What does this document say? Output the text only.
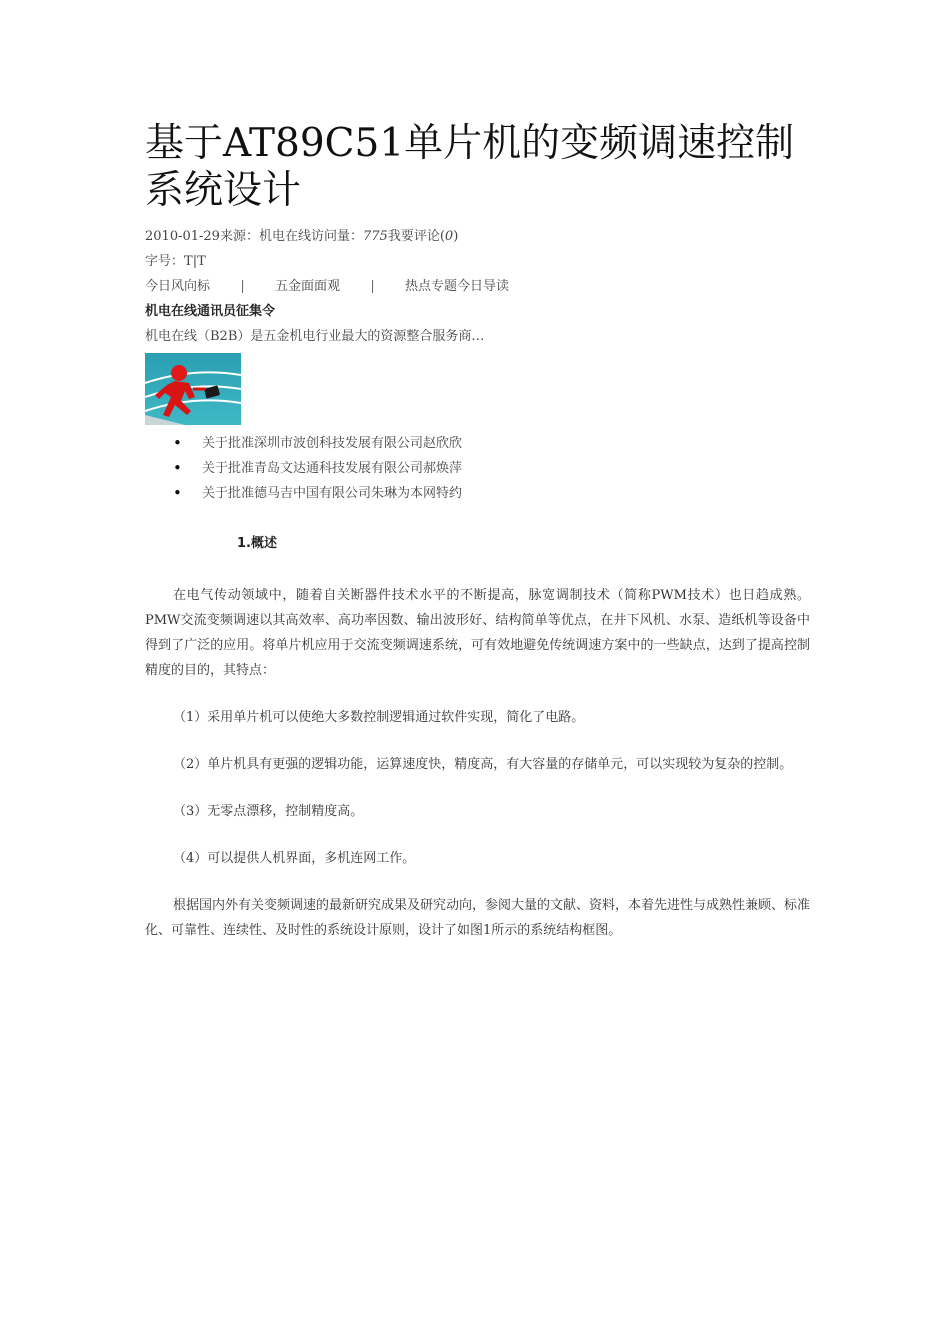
基于AT89C51单片机的变频调速控制系统设计
2010-01-29来源：机电在线访问量：775我要评论(0)
字号：T|T
今日风向标 | 五金面面观 | 热点专题今日导读
机电在线通讯员征集令
机电在线（B2B）是五金机电行业最大的资源整合服务商…
• 关于批准深圳市波创科技发展有限公司赵欣欣
• 关于批准青岛文达通科技发展有限公司郝焕萍
• 关于批准德马吉中国有限公司朱琳为本网特约
1.概述

在电气传动领域中，随着自关断器件技术水平的不断提高，脉宽调制技术（简称PWM技术）也日趋成熟。PMW交流变频调速以其高效率、高功率因数、输出波形好、结构简单等优点，在井下风机、水泵、造纸机等设备中得到了广泛的应用。将单片机应用于交流变频调速系统，可有效地避免传统调速方案中的一些缺点，达到了提高控制精度的目的，其特点：

（1）采用单片机可以使绝大多数控制逻辑通过软件实现，简化了电路。

（2）单片机具有更强的逻辑功能，运算速度快，精度高，有大容量的存储单元，可以实现较为复杂的控制。

（3）无零点漂移，控制精度高。

（4）可以提供人机界面，多机连网工作。

根据国内外有关变频调速的最新研究成果及研究动向，参阅大量的文献、资料，本着先进性与成熟性兼顾、标准化、可靠性、连续性、及时性的系统设计原则，设计了如图1所示的系统结构框图。
